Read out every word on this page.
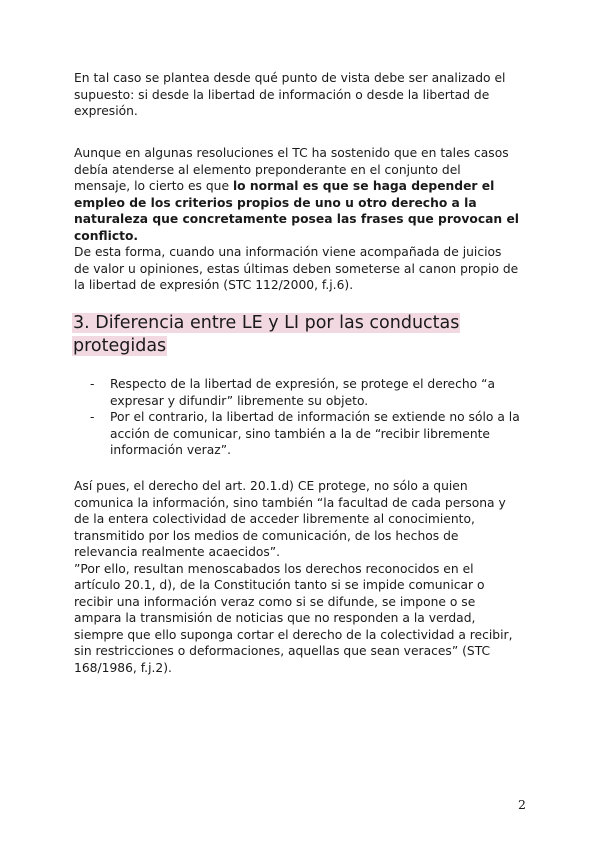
En tal caso se plantea desde qué punto de vista debe ser analizado el supuesto: si desde la libertad de información o desde la libertad de expresión.

Aunque en algunas resoluciones el TC ha sostenido que en tales casos debía atenderse al elemento preponderante en el conjunto del mensaje, lo cierto es que lo normal es que se haga depender el empleo de los criterios propios de uno u otro derecho a la naturaleza que concretamente posea las frases que provocan el conflicto.
De esta forma, cuando una información viene acompañada de juicios de valor u opiniones, estas últimas deben someterse al canon propio de la libertad de expresión (STC 112/2000, f.j.6).

3. Diferencia entre LE y LI por las conductas protegidas
- Respecto de la libertad de expresión, se protege el derecho “a expresar y difundir” libremente su objeto.
- Por el contrario, la libertad de información se extiende no sólo a la acción de comunicar, sino también a la de “recibir libremente información veraz”.

Así pues, el derecho del art. 20.1.d) CE protege, no sólo a quien comunica la información, sino también “la facultad de cada persona y de la entera colectividad de acceder libremente al conocimiento, transmitido por los medios de comunicación, de los hechos de relevancia realmente acaecidos”.
”Por ello, resultan menoscabados los derechos reconocidos en el artículo 20.1, d), de la Constitución tanto si se impide comunicar o recibir una información veraz como si se difunde, se impone o se ampara la transmisión de noticias que no responden a la verdad, siempre que ello suponga cortar el derecho de la colectividad a recibir, sin restricciones o deformaciones, aquellas que sean veraces” (STC 168/1986, f.j.2).

2
